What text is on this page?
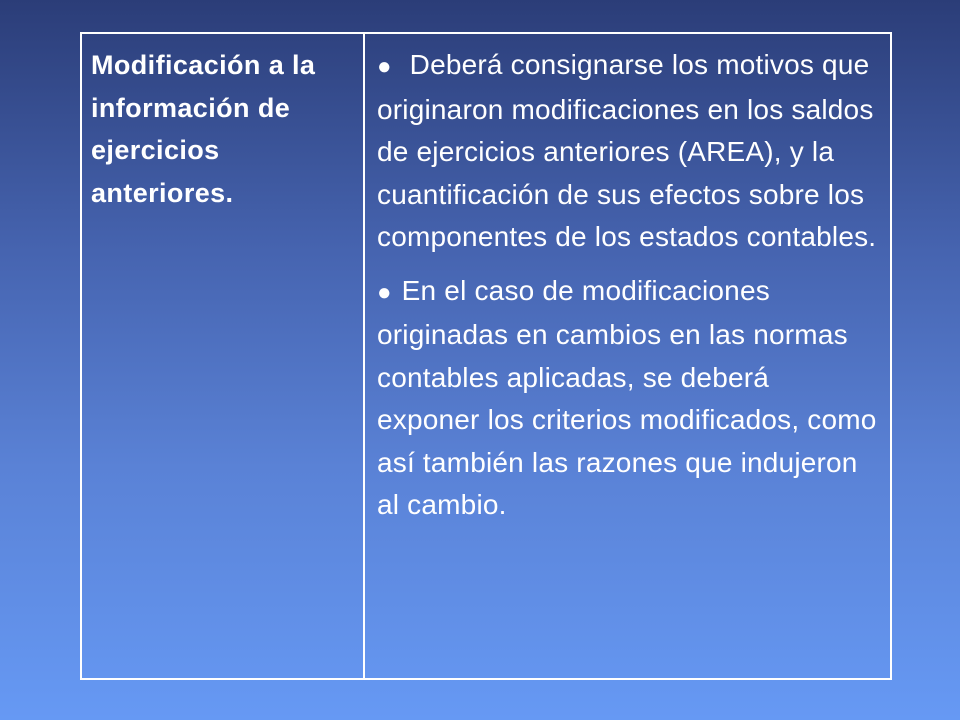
Modificación a la información de ejercicios anteriores.

●  Deberá consignarse los motivos que originaron modificaciones en los saldos de ejercicios anteriores (AREA), y la cuantificación de sus efectos sobre los componentes de los estados contables.

● En el caso de modificaciones originadas en cambios en las normas contables aplicadas, se deberá exponer los criterios modificados, como así también las razones que indujeron al cambio.
